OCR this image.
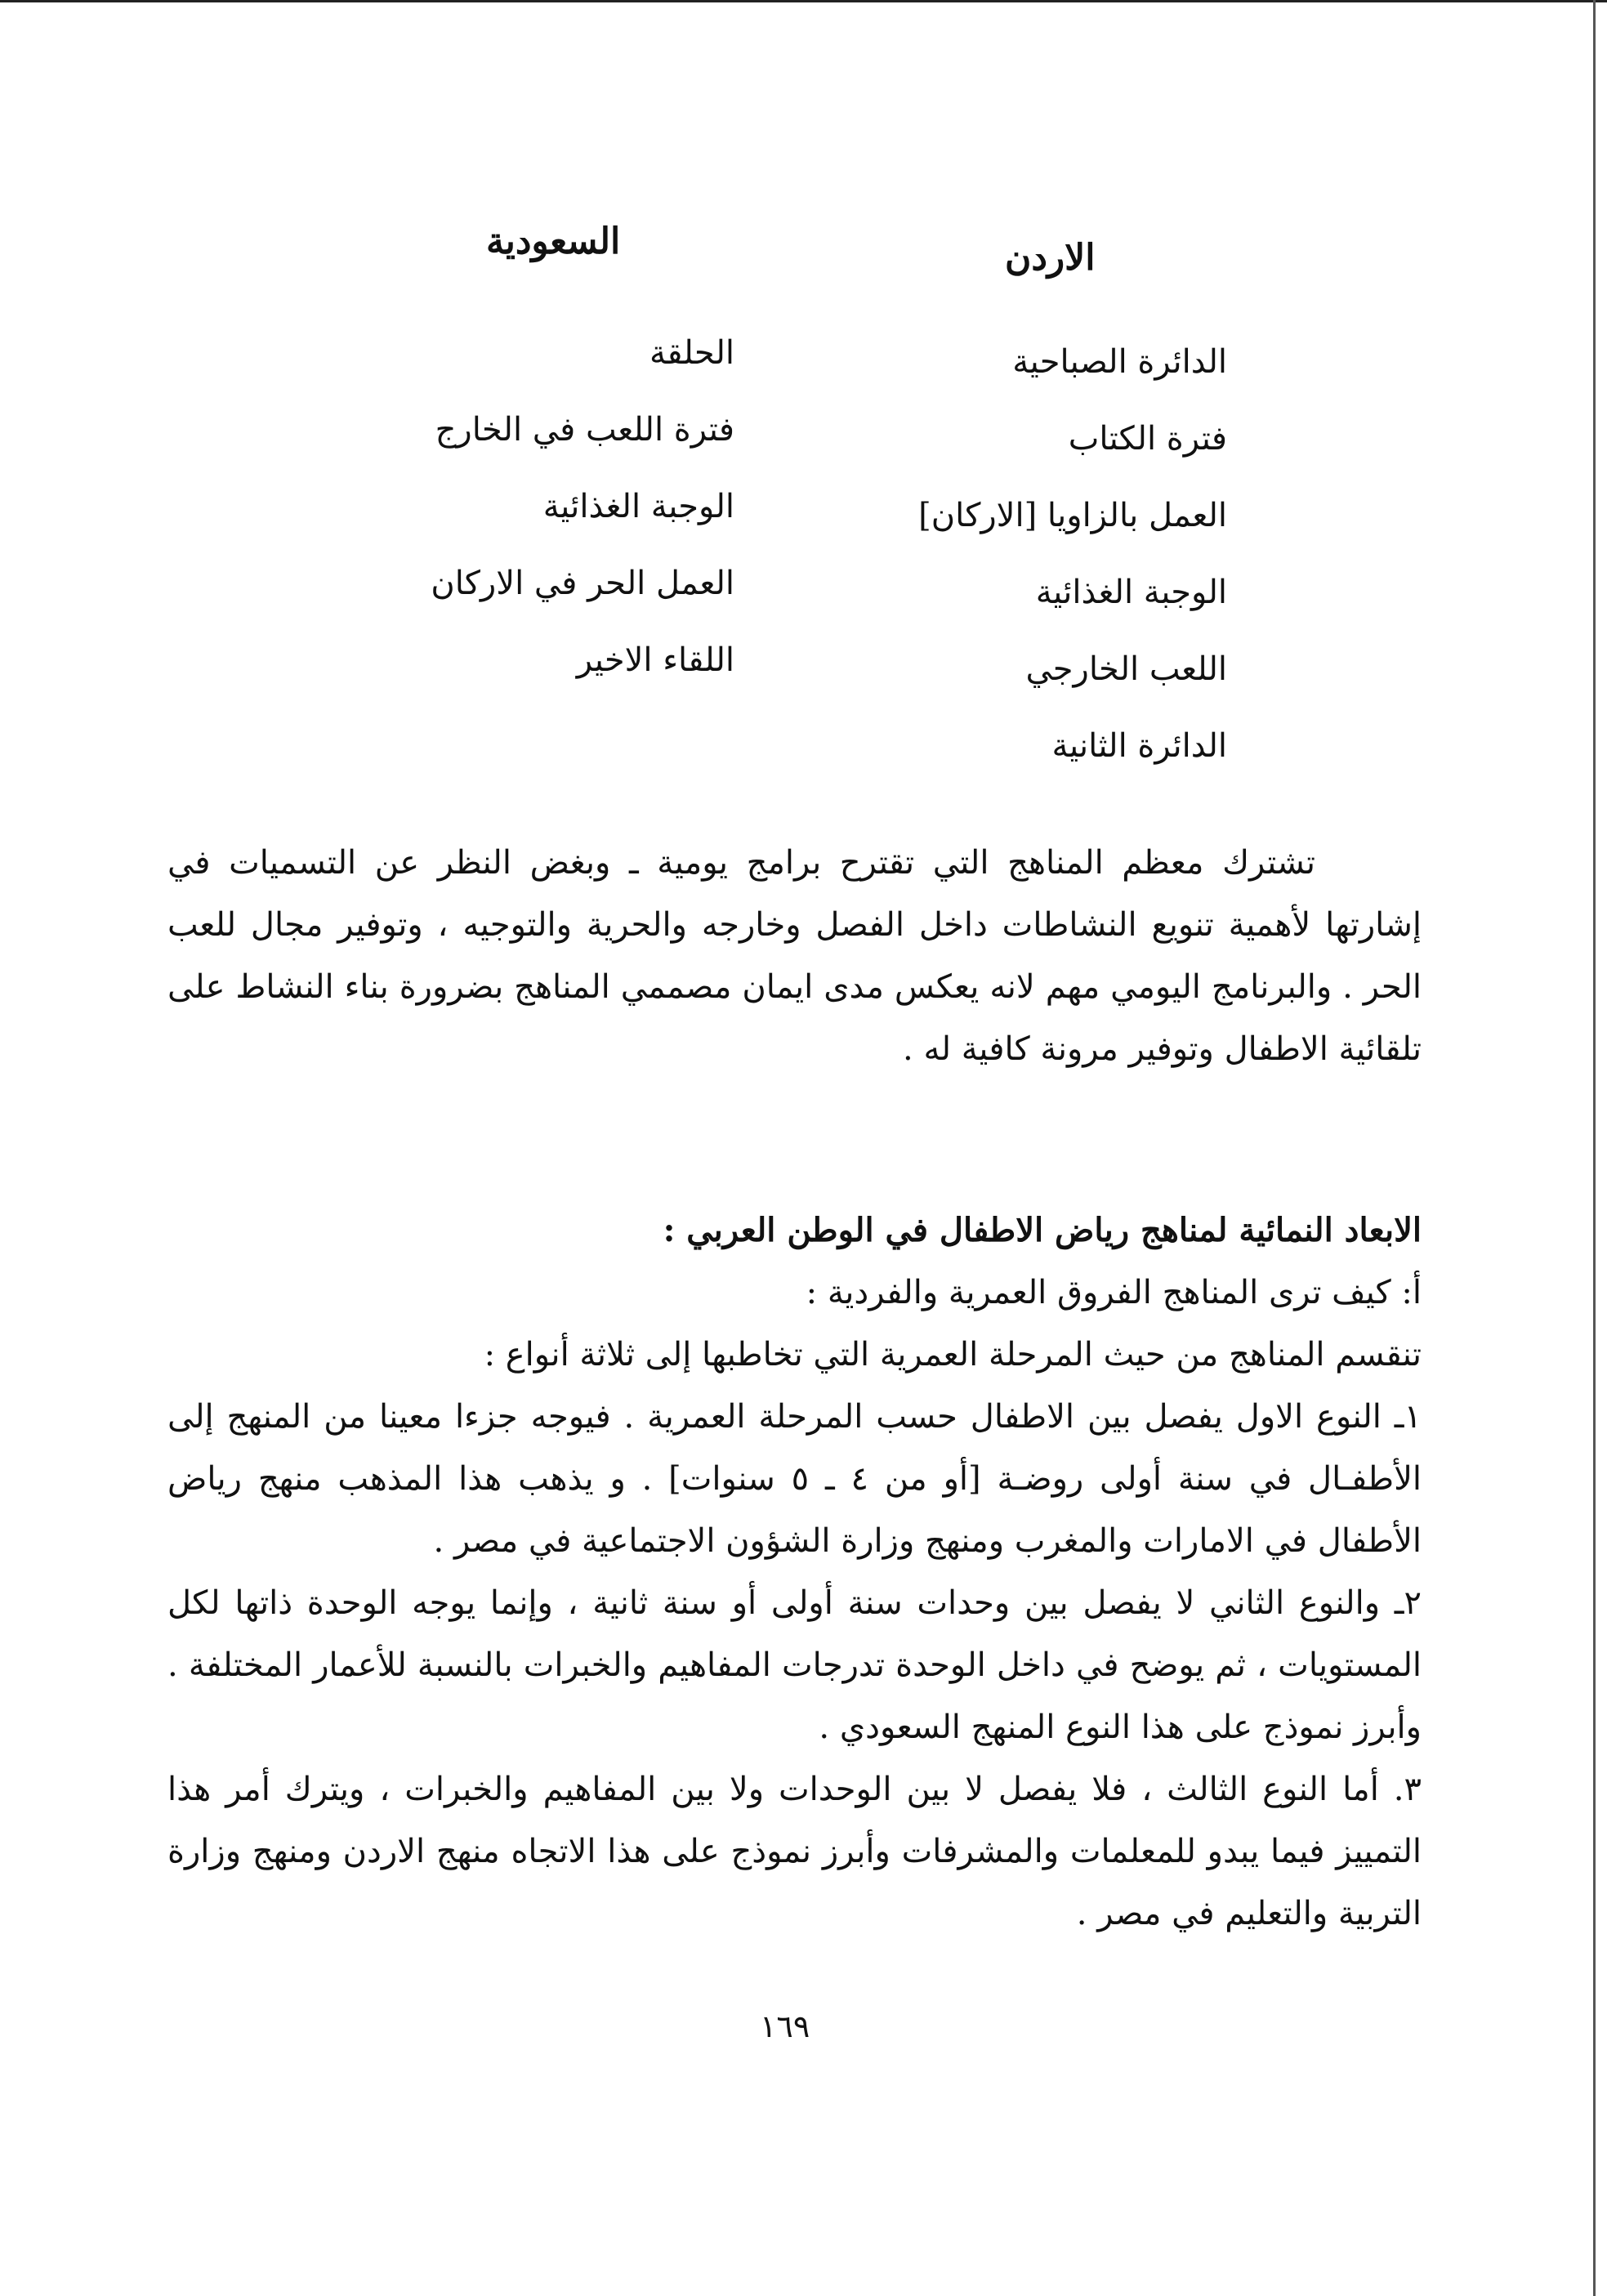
الاردن
السعودية
الدائرة الصباحية
فترة الكتاب
العمل بالزاويا [الاركان]
الوجبة الغذائية
اللعب الخارجي
الدائرة الثانية
الحلقة
فترة اللعب في الخارج
الوجبة الغذائية
العمل الحر في الاركان
اللقاء الاخير
تشترك معظم المناهج التي تقترح برامج يومية ـ وبغض النظر عن التسميات في إشارتها لأهمية تنويع النشاطات داخل الفصل وخارجه والحرية والتوجيه ، وتوفير مجال للعب الحر . والبرنامج اليومي مهم لانه يعكس مدى ايمان مصممي المناهج بضرورة بناء النشاط على تلقائية الاطفال وتوفير مرونة كافية له .
الابعاد النمائية لمناهج رياض الاطفال في الوطن العربي :
أ: كيف ترى المناهج الفروق العمرية والفردية :
تنقسم المناهج من حيث المرحلة العمرية التي تخاطبها إلى ثلاثة أنواع :
١ـ النوع الاول يفصل بين الاطفال حسب المرحلة العمرية . فيوجه جزءا معينا من المنهج إلى الأطفـال في سنة أولى روضـة [أو من ٤ ـ ٥ سنوات] . و يذهب هذا المذهب منهج رياض الأطفال في الامارات والمغرب ومنهج وزارة الشؤون الاجتماعية في مصر .
٢ـ والنوع الثاني لا يفصل بين وحدات سنة أولى أو سنة ثانية ، وإنما يوجه الوحدة ذاتها لكل المستويات ، ثم يوضح في داخل الوحدة تدرجات المفاهيم والخبرات بالنسبة للأعمار المختلفة . وأبرز نموذج على هذا النوع المنهج السعودي .
٣. أما النوع الثالث ، فلا يفصل لا بين الوحدات ولا بين المفاهيم والخبرات ، ويترك أمر هذا التمييز فيما يبدو للمعلمات والمشرفات وأبرز نموذج على هذا الاتجاه منهج الاردن ومنهج وزارة التربية والتعليم في مصر .
١٦٩
